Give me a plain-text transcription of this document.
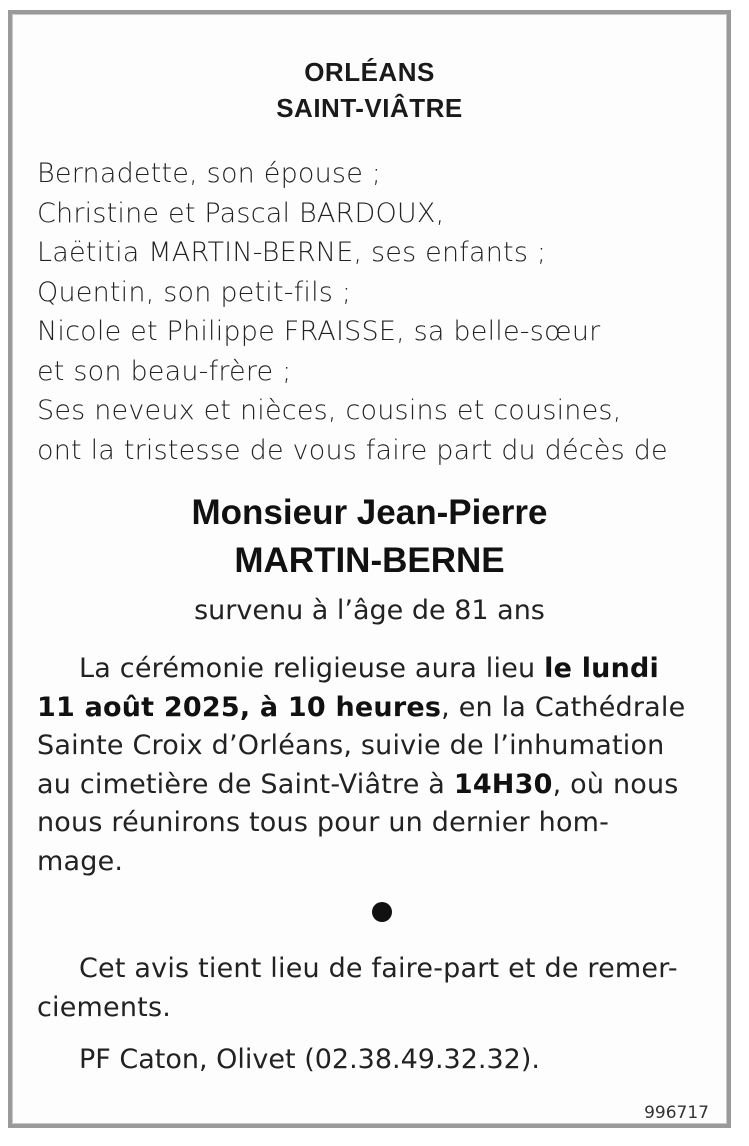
ORLÉANS
SAINT-VIÂTRE
Bernadette, son épouse ;
Christine et Pascal BARDOUX,
Laëtitia MARTIN-BERNE, ses enfants ;
Quentin, son petit-fils ;
Nicole et Philippe FRAISSE, sa belle-sœur
et son beau-frère ;
Ses neveux et nièces, cousins et cousines,
ont la tristesse de vous faire part du décès de
Monsieur Jean-Pierre
MARTIN-BERNE
survenu à l’âge de 81 ans
La cérémonie religieuse aura lieu le lundi
11 août 2025, à 10 heures, en la Cathédrale
Sainte Croix d’Orléans, suivie de l’inhumation
au cimetière de Saint-Viâtre à 14H30, où nous
nous réunirons tous pour un dernier hom-
mage.
Cet avis tient lieu de faire-part et de remer-
ciements.
PF Caton, Olivet (02.38.49.32.32).
996717
